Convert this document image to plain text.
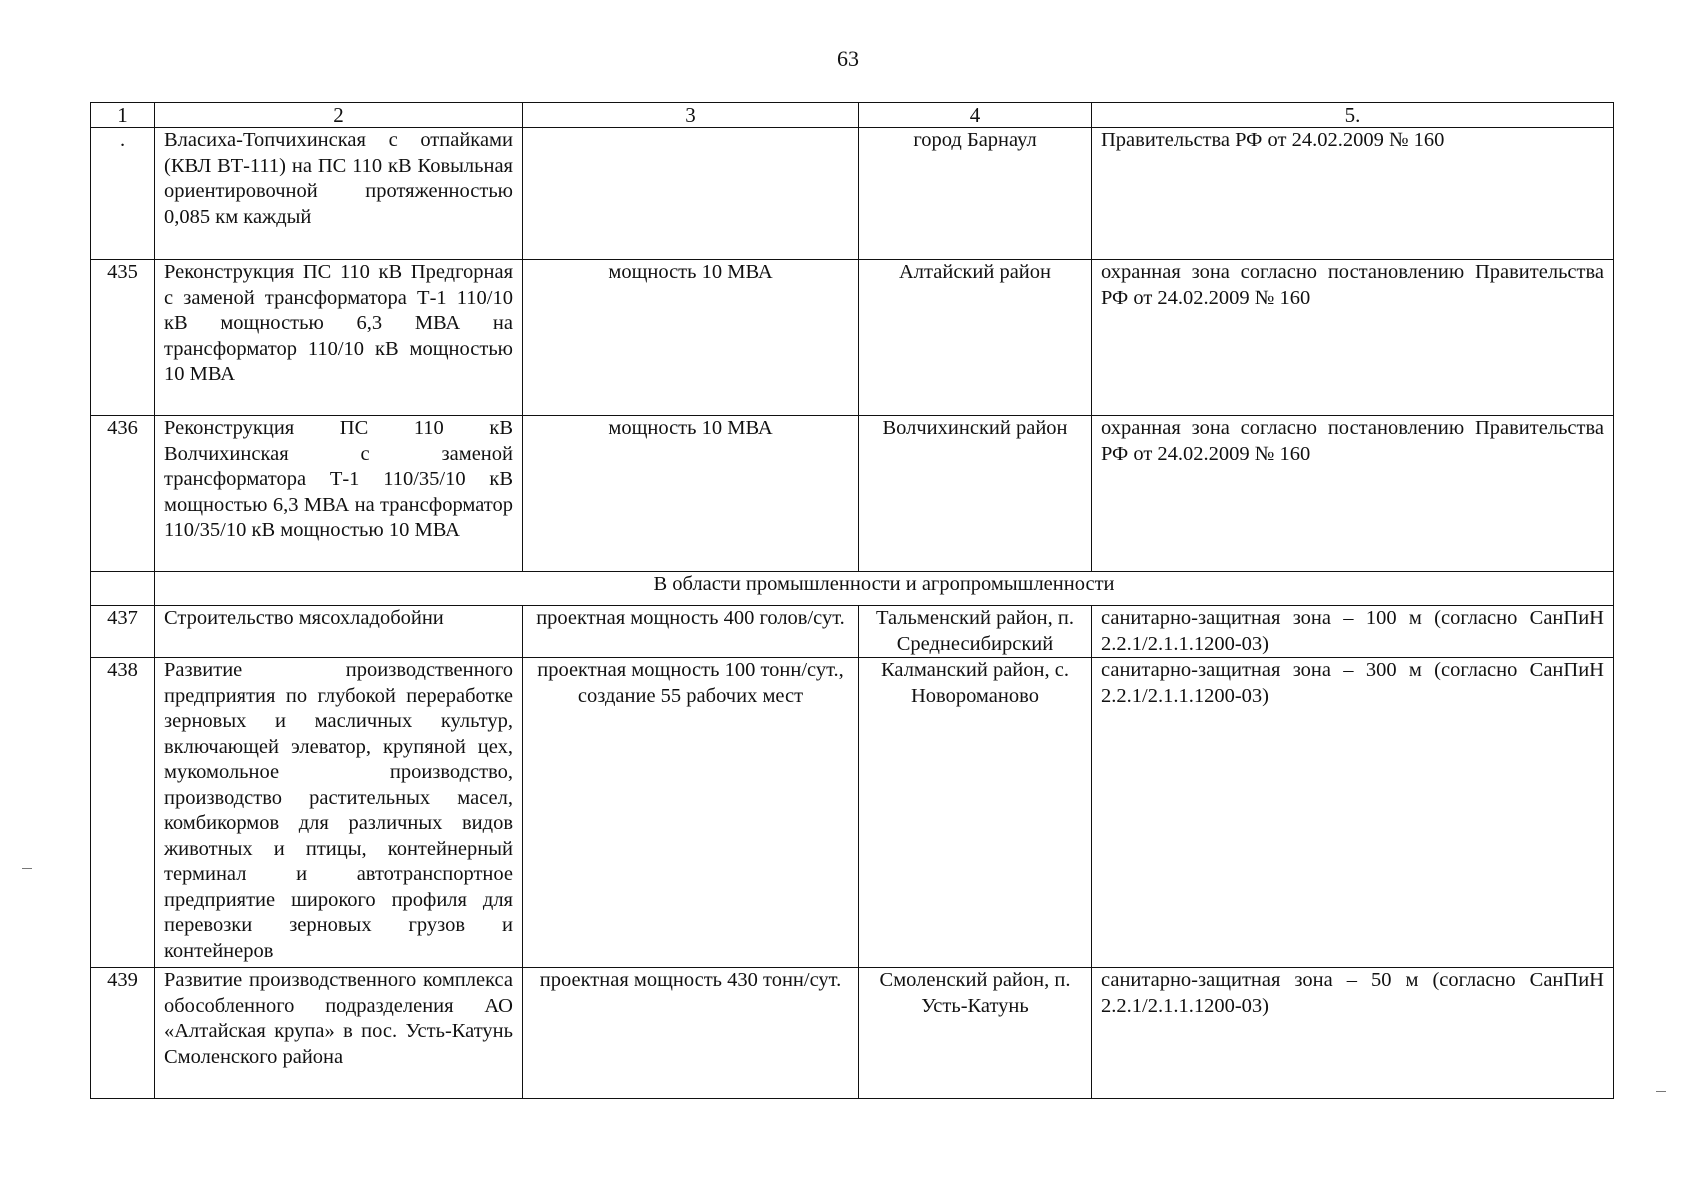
63
1	2	3	4	5.
.	Власиха-Топчихинская с отпайками (КВЛ ВТ-111) на ПС 110 кВ Ковыльная ориентировочной протяженностью 0,085 км каждый		город Барнаул	Правительства РФ от 24.02.2009 № 160
435	Реконструкция ПС 110 кВ Предгорная с заменой трансформатора Т-1 110/10 кВ мощностью 6,3 МВА на трансформатор 110/10 кВ мощностью 10 МВА	мощность 10 МВА	Алтайский район	охранная зона согласно постановлению Правительства РФ от 24.02.2009 № 160
436	Реконструкция ПС 110 кВ Волчихинская с заменой трансформатора Т-1 110/35/10 кВ мощностью 6,3 МВА на трансформатор 110/35/10 кВ мощностью 10 МВА	мощность 10 МВА	Волчихинский район	охранная зона согласно постановлению Правительства РФ от 24.02.2009 № 160
	В области промышленности и агропромышленности			
437	Строительство мясохладобойни	проектная мощность 400 голов/сут.	Тальменский район, п. Среднесибирский	санитарно-защитная зона – 100 м (согласно СанПиН 2.2.1/2.1.1.1200-03)
438	Развитие производственного предприятия по глубокой переработке зерновых и масличных культур, включающей элеватор, крупяной цех, мукомольное производство, производство растительных масел, комбикормов для различных видов животных и птицы, контейнерный терминал и автотранспортное предприятие широкого профиля для перевозки зерновых грузов и контейнеров	проектная мощность 100 тонн/сут., создание 55 рабочих мест	Калманский район, с. Новоромановo	санитарно-защитная зона – 300 м (согласно СанПиН 2.2.1/2.1.1.1200-03)
439	Развитие производственного комплекса обособленного подразделения АО «Алтайская крупа» в пос. Усть-Катунь Смоленского района	проектная мощность 430 тонн/сут.	Смоленский район, п. Усть-Катунь	санитарно-защитная зона – 50 м (согласно СанПиН 2.2.1/2.1.1.1200-03)
